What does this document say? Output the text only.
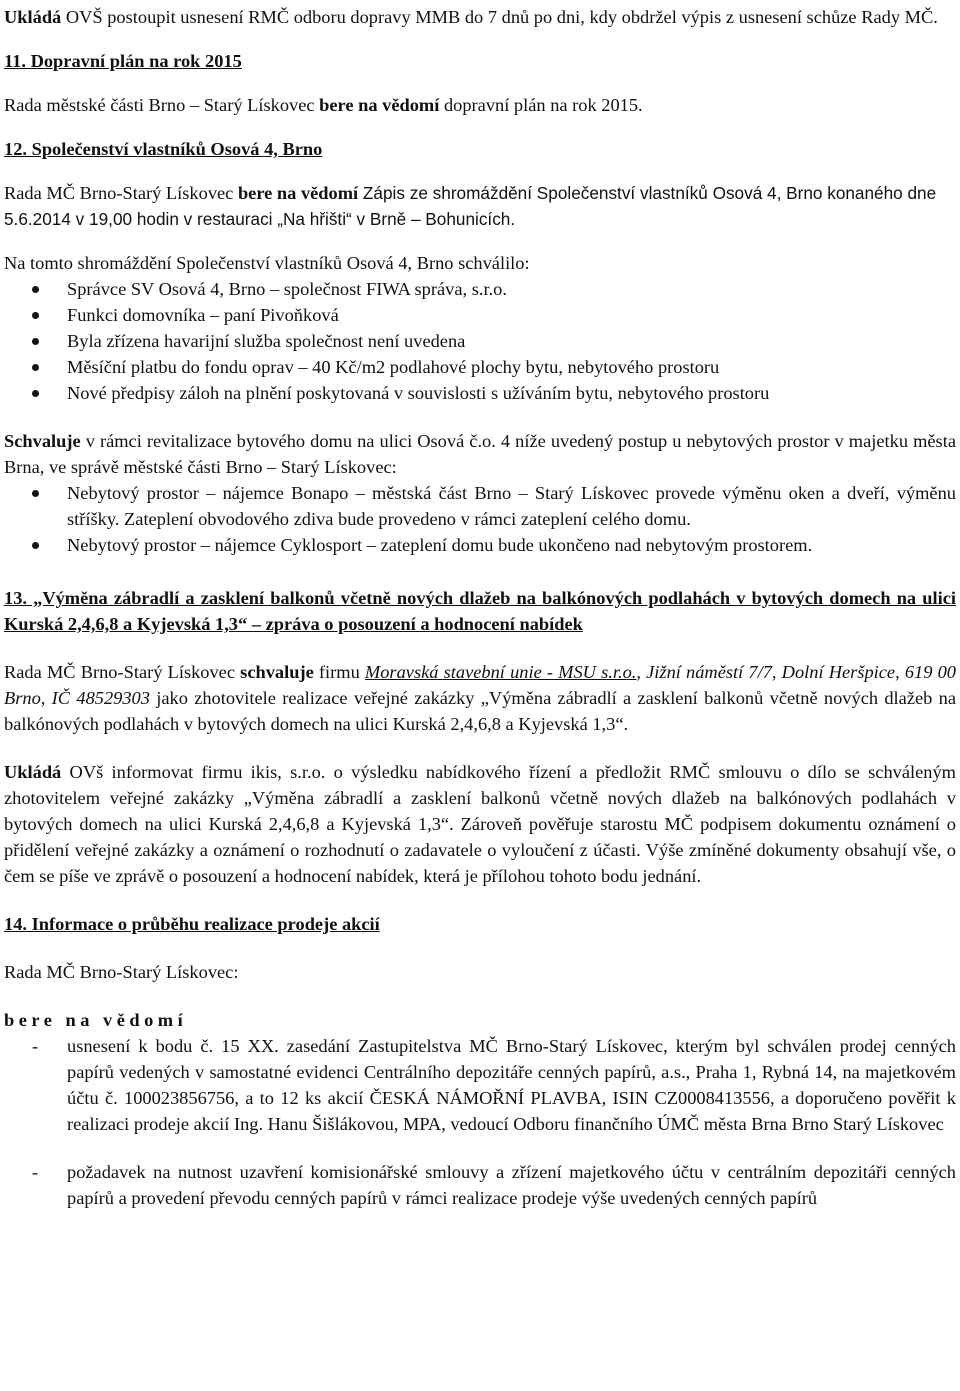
Ukládá OVŠ postoupit usnesení RMČ odboru dopravy MMB do 7 dnů po dni, kdy obdržel výpis z usnesení schůze Rady MČ.

11. Dopravní plán na rok 2015

Rada městské části Brno – Starý Lískovec bere na vědomí dopravní plán na rok 2015.

12. Společenství vlastníků Osová 4, Brno

Rada MČ Brno-Starý Lískovec bere na vědomí Zápis ze shromáždění Společenství vlastníků Osová 4, Brno konaného dne 5.6.2014 v 19,00 hodin v restauraci „Na hřišti“ v Brně – Bohunicích.

Na tomto shromáždění Společenství vlastníků Osová 4, Brno schválilo:

Správce SV Osová 4, Brno – společnost FIWA správa, s.r.o.
Funkci domovníka – paní Pivoňková
Byla zřízena havarijní služba společnost není uvedena
Měsíční platbu do fondu oprav – 40 Kč/m2 podlahové plochy bytu, nebytového prostoru
Nové předpisy záloh na plnění poskytovaná v souvislosti s užíváním bytu, nebytového prostoru

Schvaluje v rámci revitalizace bytového domu na ulici Osová č.o. 4 níže uvedený postup u nebytových prostor v majetku města Brna, ve správě městské části Brno – Starý Lískovec:

Nebytový prostor – nájemce Bonapo – městská část Brno – Starý Lískovec provede výměnu oken a dveří, výměnu stříšky. Zateplení obvodového zdiva bude provedeno v rámci zateplení celého domu.
Nebytový prostor – nájemce Cyklosport – zateplení domu bude ukončeno nad nebytovým prostorem.

13. „Výměna zábradlí a zasklení balkonů včetně nových dlažeb na balkónových podlahách v bytových domech na ulici Kurská 2,4,6,8 a Kyjevská 1,3“ – zpráva o posouzení a hodnocení nabídek

Rada MČ Brno-Starý Lískovec schvaluje firmu Moravská stavební unie - MSU s.r.o., Jižní náměstí 7/7, Dolní Heršpice, 619 00 Brno, IČ 48529303 jako zhotovitele realizace veřejné zakázky „Výměna zábradlí a zasklení balkonů včetně nových dlažeb na balkónových podlahách v bytových domech na ulici Kurská 2,4,6,8 a Kyjevská 1,3“.

Ukládá OVš informovat firmu ikis, s.r.o. o výsledku nabídkového řízení a předložit RMČ smlouvu o dílo se schváleným zhotovitelem veřejné zakázky „Výměna zábradlí a zasklení balkonů včetně nových dlažeb na balkónových podlahách v bytových domech na ulici Kurská 2,4,6,8 a Kyjevská 1,3“. Zároveň pověřuje starostu MČ podpisem dokumentu oznámení o přidělení veřejné zakázky a oznámení o rozhodnutí o zadavatele o vyloučení z účasti. Výše zmíněné dokumenty obsahují vše, o čem se píše ve zprávě o posouzení a hodnocení nabídek, která je přílohou tohoto bodu jednání.

14. Informace o průběhu realizace prodeje akcií

Rada MČ Brno-Starý Lískovec:

bere na vědomí

- usnesení k bodu č. 15 XX. zasedání Zastupitelstva MČ Brno-Starý Lískovec, kterým byl schválen prodej cenných papírů vedených v samostatné evidenci Centrálního depozitáře cenných papírů, a.s., Praha 1, Rybná 14, na majetkovém účtu č. 100023856756, a to 12 ks akcií ČESKÁ NÁMOŘNÍ PLAVBA, ISIN CZ0008413556, a doporučeno pověřit k realizaci prodeje akcií Ing. Hanu Šišlákovou, MPA, vedoucí Odboru finančního ÚMČ města Brna Brno Starý Lískovec
- požadavek na nutnost uzavření komisionářské smlouvy a zřízení majetkového účtu v centrálním depozitáři cenných papírů a provedení převodu cenných papírů v rámci realizace prodeje výše uvedených cenných papírů
